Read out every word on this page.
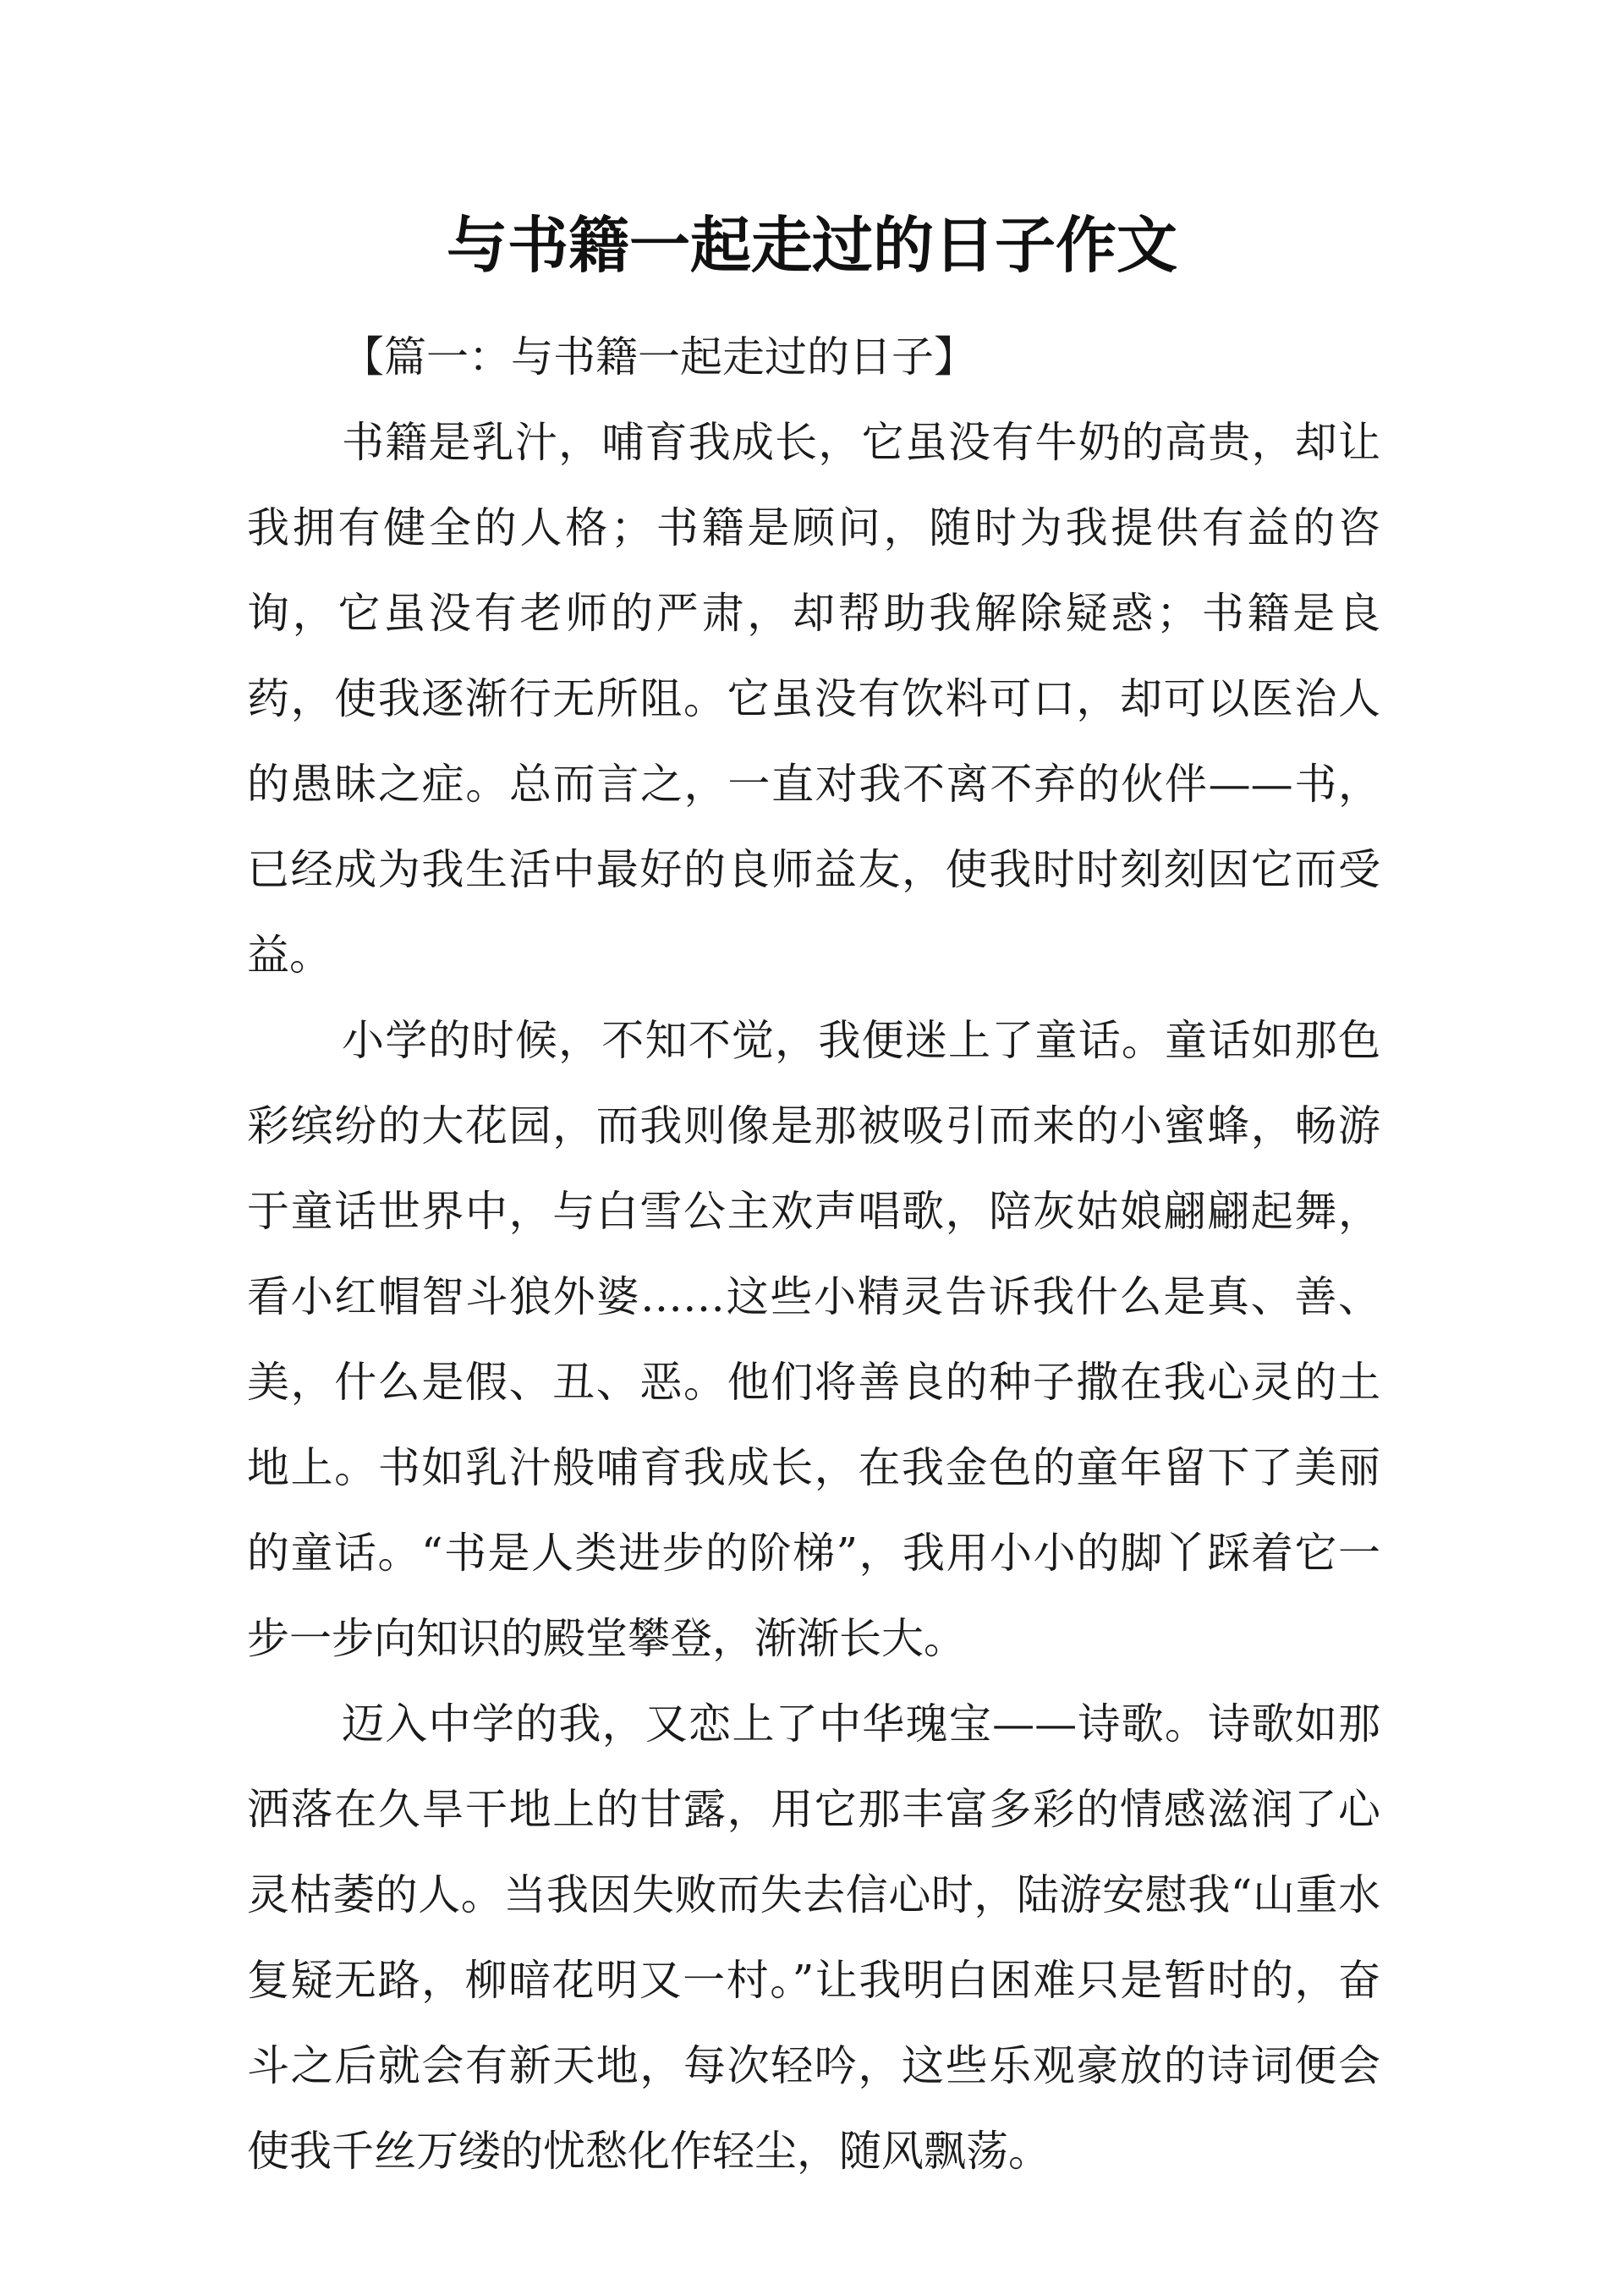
与书籍一起走过的日子作文

【篇一：与书籍一起走过的日子】

书籍是乳汁，哺育我成长，它虽没有牛奶的高贵，却让我拥有健全的人格；书籍是顾问，随时为我提供有益的咨询，它虽没有老师的严肃，却帮助我解除疑惑；书籍是良药，使我逐渐行无所阻。它虽没有饮料可口，却可以医治人的愚昧之症。总而言之，一直对我不离不弃的伙伴——书，已经成为我生活中最好的良师益友，使我时时刻刻因它而受益。

小学的时候，不知不觉，我便迷上了童话。童话如那色彩缤纷的大花园，而我则像是那被吸引而来的小蜜蜂，畅游于童话世界中，与白雪公主欢声唱歌，陪灰姑娘翩翩起舞，看小红帽智斗狼外婆……这些小精灵告诉我什么是真、善、美，什么是假、丑、恶。他们将善良的种子撒在我心灵的土地上。书如乳汁般哺育我成长，在我金色的童年留下了美丽的童话。“书是人类进步的阶梯”，我用小小的脚丫踩着它一步一步向知识的殿堂攀登，渐渐长大。

迈入中学的我，又恋上了中华瑰宝——诗歌。诗歌如那洒落在久旱干地上的甘露，用它那丰富多彩的情感滋润了心灵枯萎的人。当我因失败而失去信心时，陆游安慰我“山重水复疑无路，柳暗花明又一村。”让我明白困难只是暂时的，奋斗之后就会有新天地，每次轻吟，这些乐观豪放的诗词便会使我千丝万缕的忧愁化作轻尘，随风飘荡。
